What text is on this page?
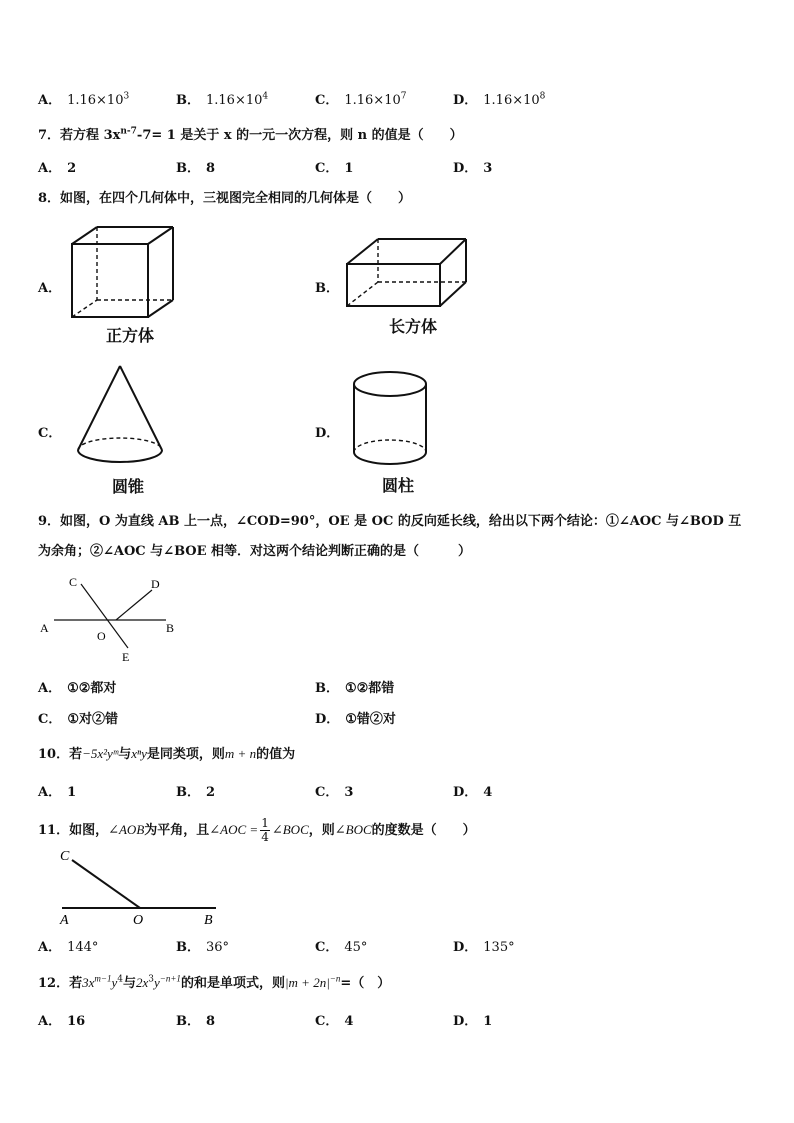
A． $1.16\times 10^3$	B． $1.16\times 10^4$	C． $1.16\times 10^7$	D． $1.16\times 10^8$
7．若方程 $3x^{n-7}-7= 1$ 是关于 x 的一元一次方程，则 n 的值是（　　）
A． 2	B． 8	C． 1	D． 3
8．如图，在四个几何体中，三视图完全相同的几何体是（　　）
A．
正方体
B．
长方体
C．
圆锥
D．
圆柱
9．如图，O 为直线 AB 上一点，∠COD=90°，OE 是 OC 的反向延长线，给出以下两个结论：①∠AOC 与∠BOD 互
为余角；②∠AOC 与∠BOE 相等．对这两个结论判断正确的是（　　　）
A	B
C	D
O
E
A． ①②都对	B． ①②都错
C． ①对②错	D． ①错②对
10．若−5x²yᵐ与xⁿy是同类项，则m + n的值为
A． 1	B． 2	C． 3	D． 4
11．如图，∠AOB为平角，且∠AOC = $\frac{1}{4}$ ∠BOC，则∠BOC的度数是（　　）
C
A	O	B
A． 144°	B． 36°	C． 45°	D． 135°
12．若$3x^{m-1}y^4$与$2x^3y^{-n+1}$的和是单项式，则$|m + 2n|^{-n}=$（　）
A． 16	B． 8	C． 4	D． 1
